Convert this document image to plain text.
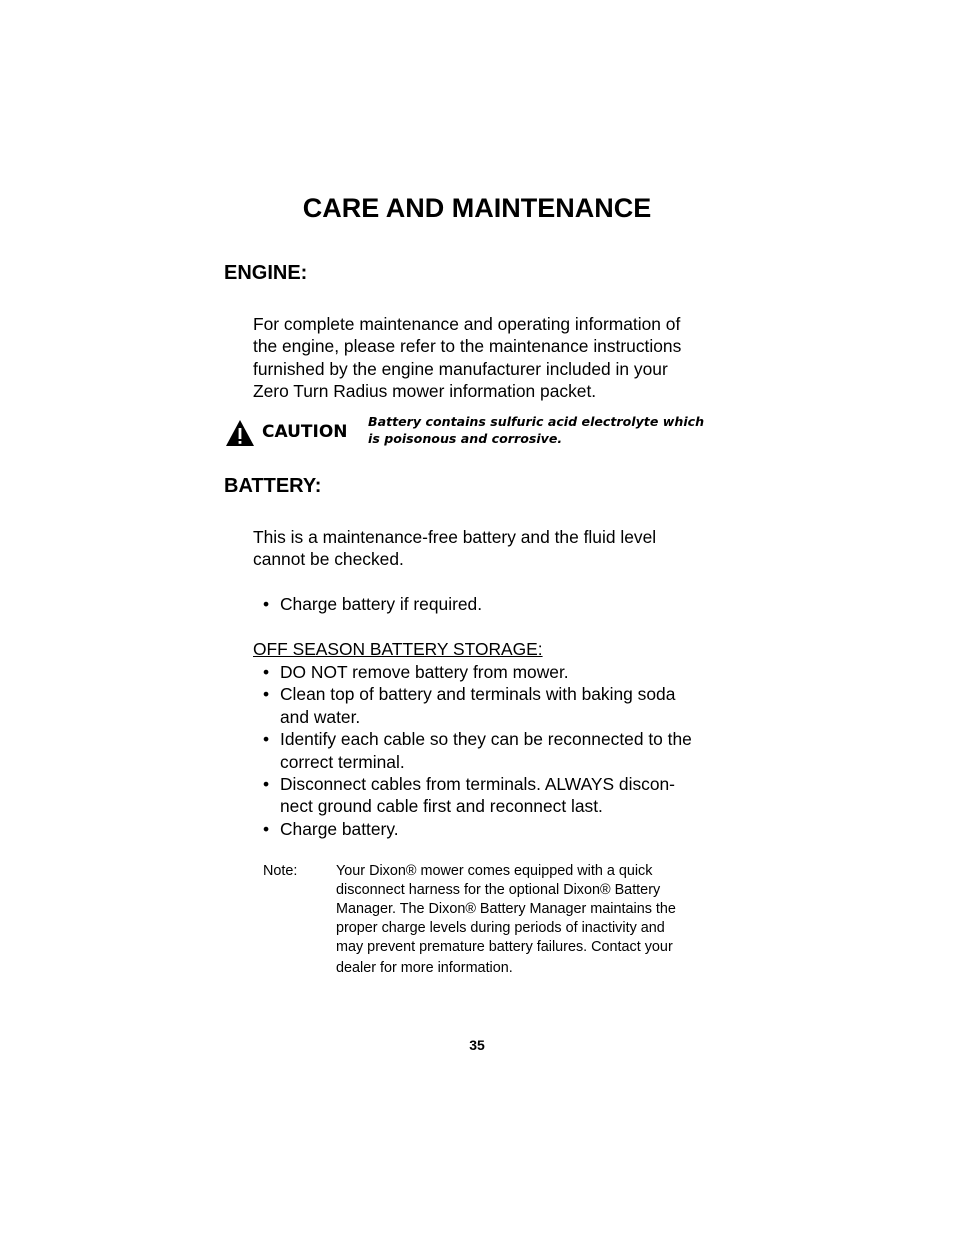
CARE AND MAINTENANCE
ENGINE:

For complete maintenance and operating information of

the engine, please refer to the maintenance instructions

furnished by the engine manufacturer included in your

Zero Turn Radius mower information packet.

CAUTION
Battery contains sulfuric acid electrolyte which
is poisonous and corrosive.
BATTERY:

This is a maintenance-free battery and the fluid level

cannot be checked.

• Charge battery if required.
OFF SEASON BATTERY STORAGE:
• DO NOT remove battery from mower.
• Clean top of battery and terminals with baking soda
and water.
• Identify each cable so they can be reconnected to the
correct terminal.
• Disconnect cables from terminals. ALWAYS discon-
nect ground cable first and reconnect last.
• Charge battery.
Note:	Your Dixon® mower comes equipped with a quick
disconnect harness for the optional Dixon® Battery
Manager. The Dixon® Battery Manager maintains the
proper charge levels during periods of inactivity and
may prevent premature battery failures. Contact your
dealer for more information.
35
